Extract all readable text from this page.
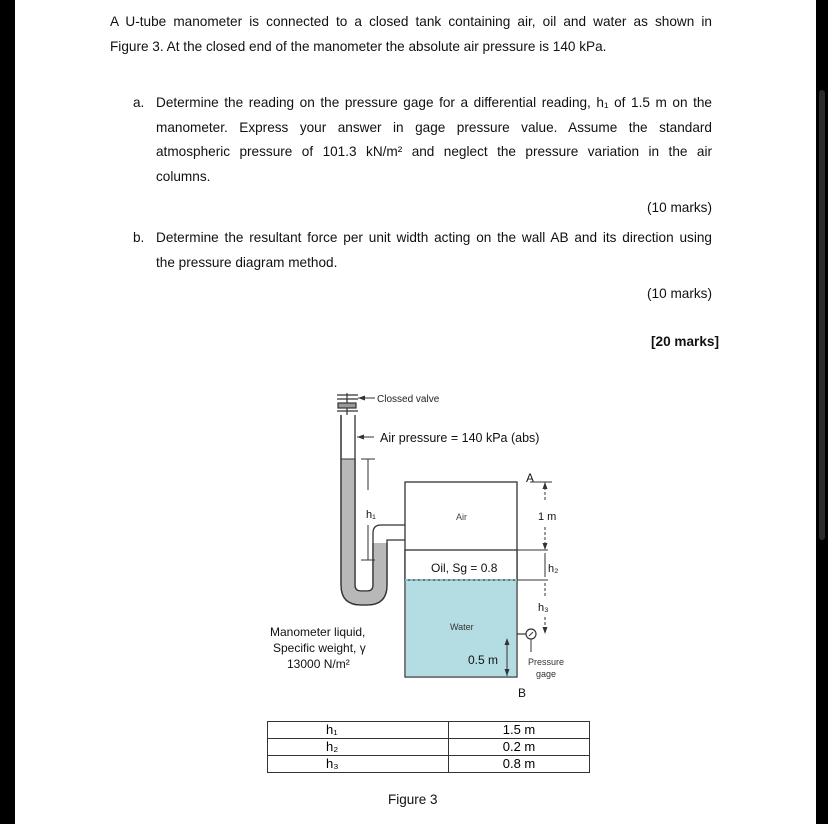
A U-tube manometer is connected to a closed tank containing air, oil and water as shown in
Figure 3. At the closed end of the manometer the absolute air pressure is 140 kPa.
a. Determine the reading on the pressure gage for a differential reading, h₁ of 1.5 m on the
manometer. Express your answer in gage pressure value. Assume the standard
atmospheric pressure of 101.3 kN/m² and neglect the pressure variation in the air
columns.
(10 marks)
b. Determine the resultant force per unit width acting on the wall AB and its direction using
the pressure diagram method.
(10 marks)
[20 marks]
Clossed valve
Air pressure = 140 kPa (abs)
h₁	Air
Oil, Sg = 0.8
Water
0.5 m
A
1 m
h₂
h₃
Pressure
gage
B
Manometer liquid,
Specific weight, γ
13000 N/m²
Figure 3
h₁	1.5 m
h₂	0.2 m
h₃	0.8 m
